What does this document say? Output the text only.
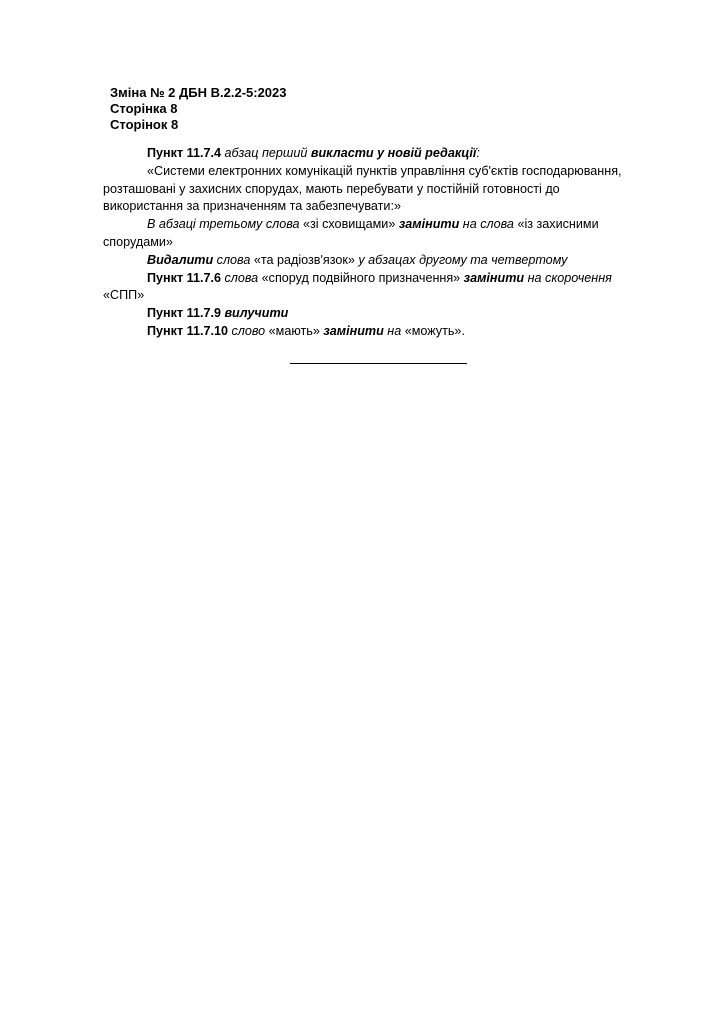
Зміна № 2 ДБН В.2.2-5:2023
Сторінка 8
Сторінок 8

Пункт 11.7.4 абзац перший викласти у новій редакції:

«Системи електронних комунікацій пунктів управління суб'єктів господарювання, розташовані у захисних спорудах, мають перебувати у постійній готовності до використання за призначенням та забезпечувати:»

В абзаці третьому слова «зі сховищами» замінити на слова «із захисними спорудами»

Видалити слова «та радіозв'язок» у абзацах другому та четвертому

Пункт 11.7.6 слова «споруд подвійного призначення» замінити на скорочення «СПП»

Пункт 11.7.9 вилучити

Пункт 11.7.10 слово «мають» замінити на «можуть».
